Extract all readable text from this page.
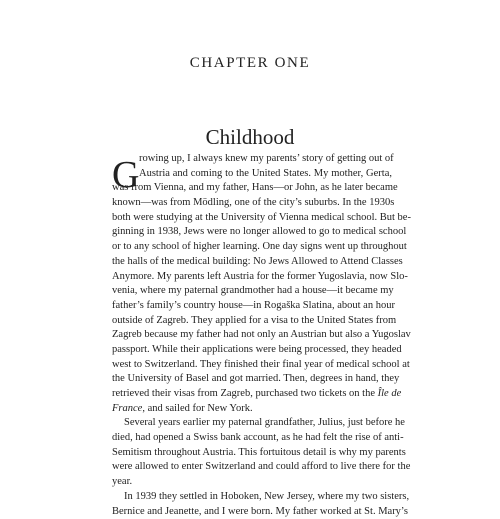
CHAPTER ONE
Childhood
G rowing up, I always knew my parents’ story of getting out of
Austria and coming to the United States. My mother, Gerta,
was from Vienna, and my father, Hans—or John, as he later became
known—was from Mödling, one of the city’s suburbs. In the 1930s
both were studying at the University of Vienna medical school. But be-
ginning in 1938, Jews were no longer allowed to go to medical school
or to any school of higher learning. One day signs went up throughout
the halls of the medical building: No Jews Allowed to Attend Classes
Anymore. My parents left Austria for the former Yugoslavia, now Slo-
venia, where my paternal grandmother had a house—it became my
father’s family’s country house—in Rogaška Slatina, about an hour
outside of Zagreb. They applied for a visa to the United States from
Zagreb because my father had not only an Austrian but also a Yugoslav
passport. While their applications were being processed, they headed
west to Switzerland. They finished their final year of medical school at
the University of Basel and got married. Then, degrees in hand, they
retrieved their visas from Zagreb, purchased two tickets on the Île de
France, and sailed for New York.
Several years earlier my paternal grandfather, Julius, just before he
died, had opened a Swiss bank account, as he had felt the rise of anti-
Semitism throughout Austria. This fortuitous detail is why my parents
were allowed to enter Switzerland and could afford to live there for the
year.
In 1939 they settled in Hoboken, New Jersey, where my two sisters,
Bernice and Jeanette, and I were born. My father worked at St. Mary’s
